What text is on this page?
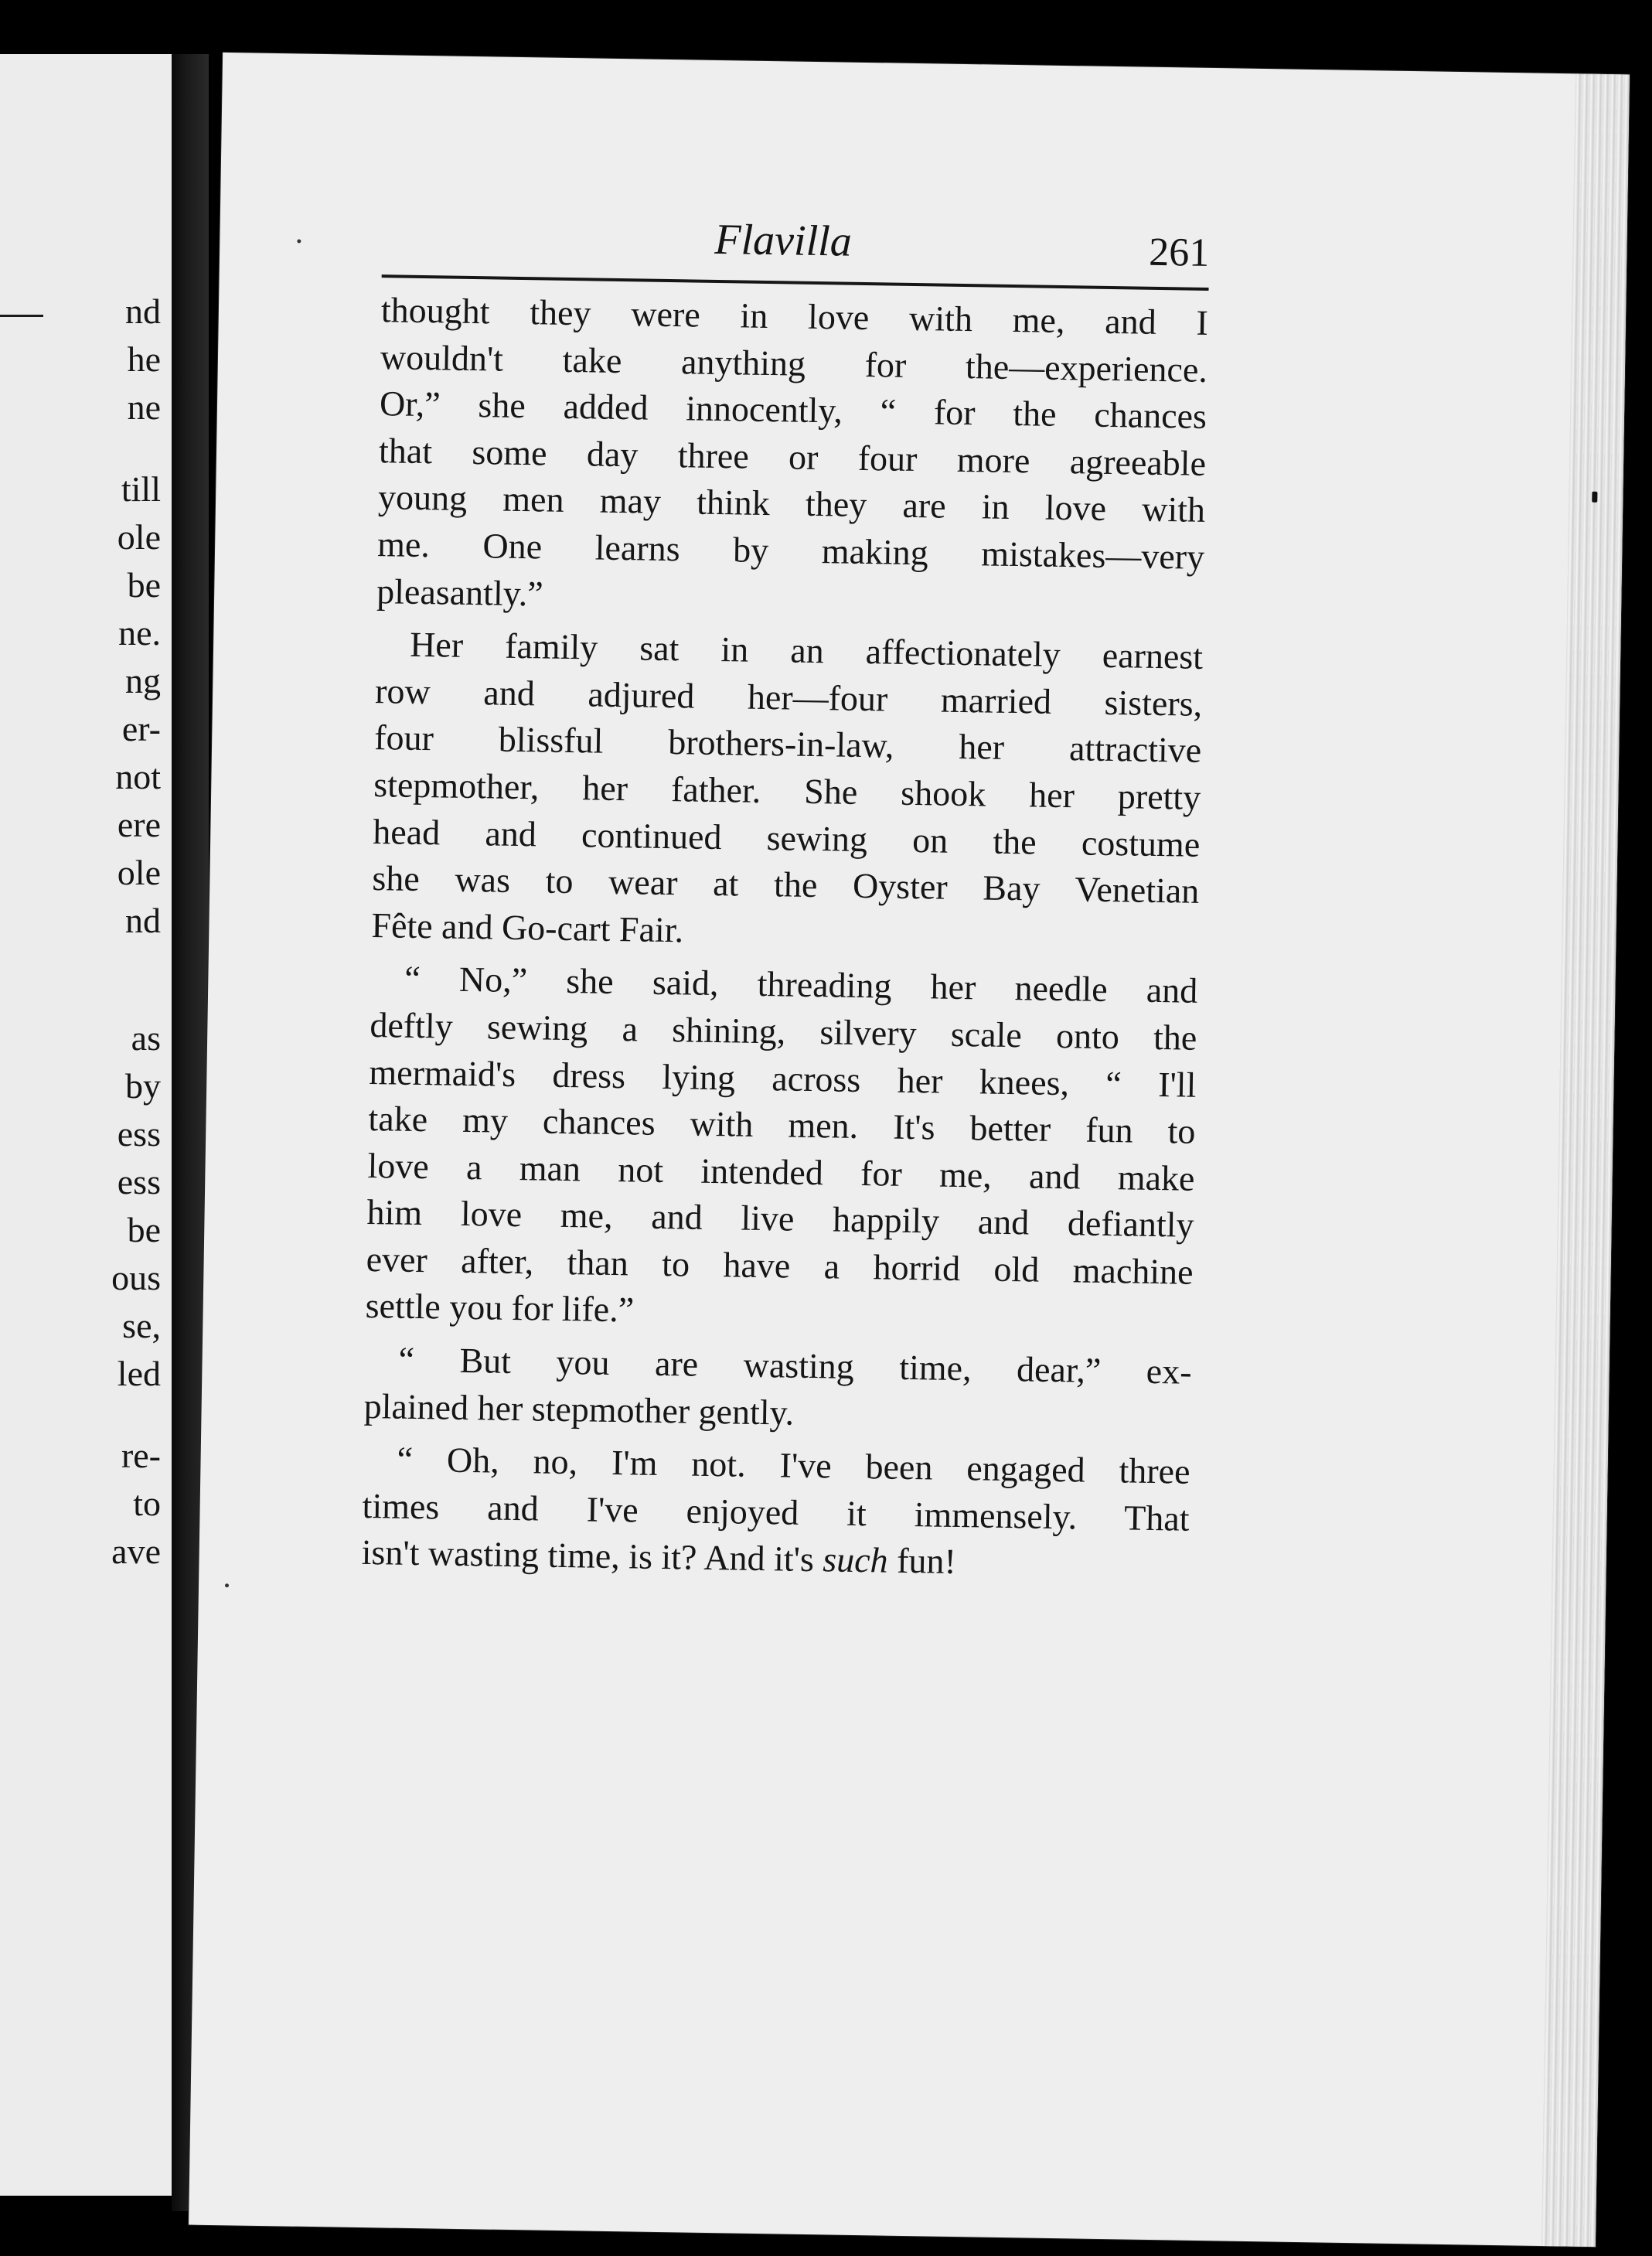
nd
he
ne
till
ole
be
ne.
ng
er-
not
ere
ole
nd
as
by
ess
ess
be
ous
se,
led
re-
to
ave
Flavilla	261
thought they were in love with me, and I
wouldn't take anything for the—experience.
Or,” she added innocently, “ for the chances
that some day three or four more agreeable
young men may think they are in love with
me. One learns by making mistakes—very
pleasantly.”
Her family sat in an affectionately earnest
row and adjured her—four married sisters,
four blissful brothers-in-law, her attractive
stepmother, her father. She shook her pretty
head and continued sewing on the costume
she was to wear at the Oyster Bay Venetian
Fête and Go-cart Fair.
“ No,” she said, threading her needle and
deftly sewing a shining, silvery scale onto the
mermaid's dress lying across her knees, “ I'll
take my chances with men. It's better fun to
love a man not intended for me, and make
him love me, and live happily and defiantly
ever after, than to have a horrid old machine
settle you for life.”
“ But you are wasting time, dear,” ex-
plained her stepmother gently.
“ Oh, no, I'm not. I've been engaged three
times and I've enjoyed it immensely. That
isn't wasting time, is it? And it's such fun!
